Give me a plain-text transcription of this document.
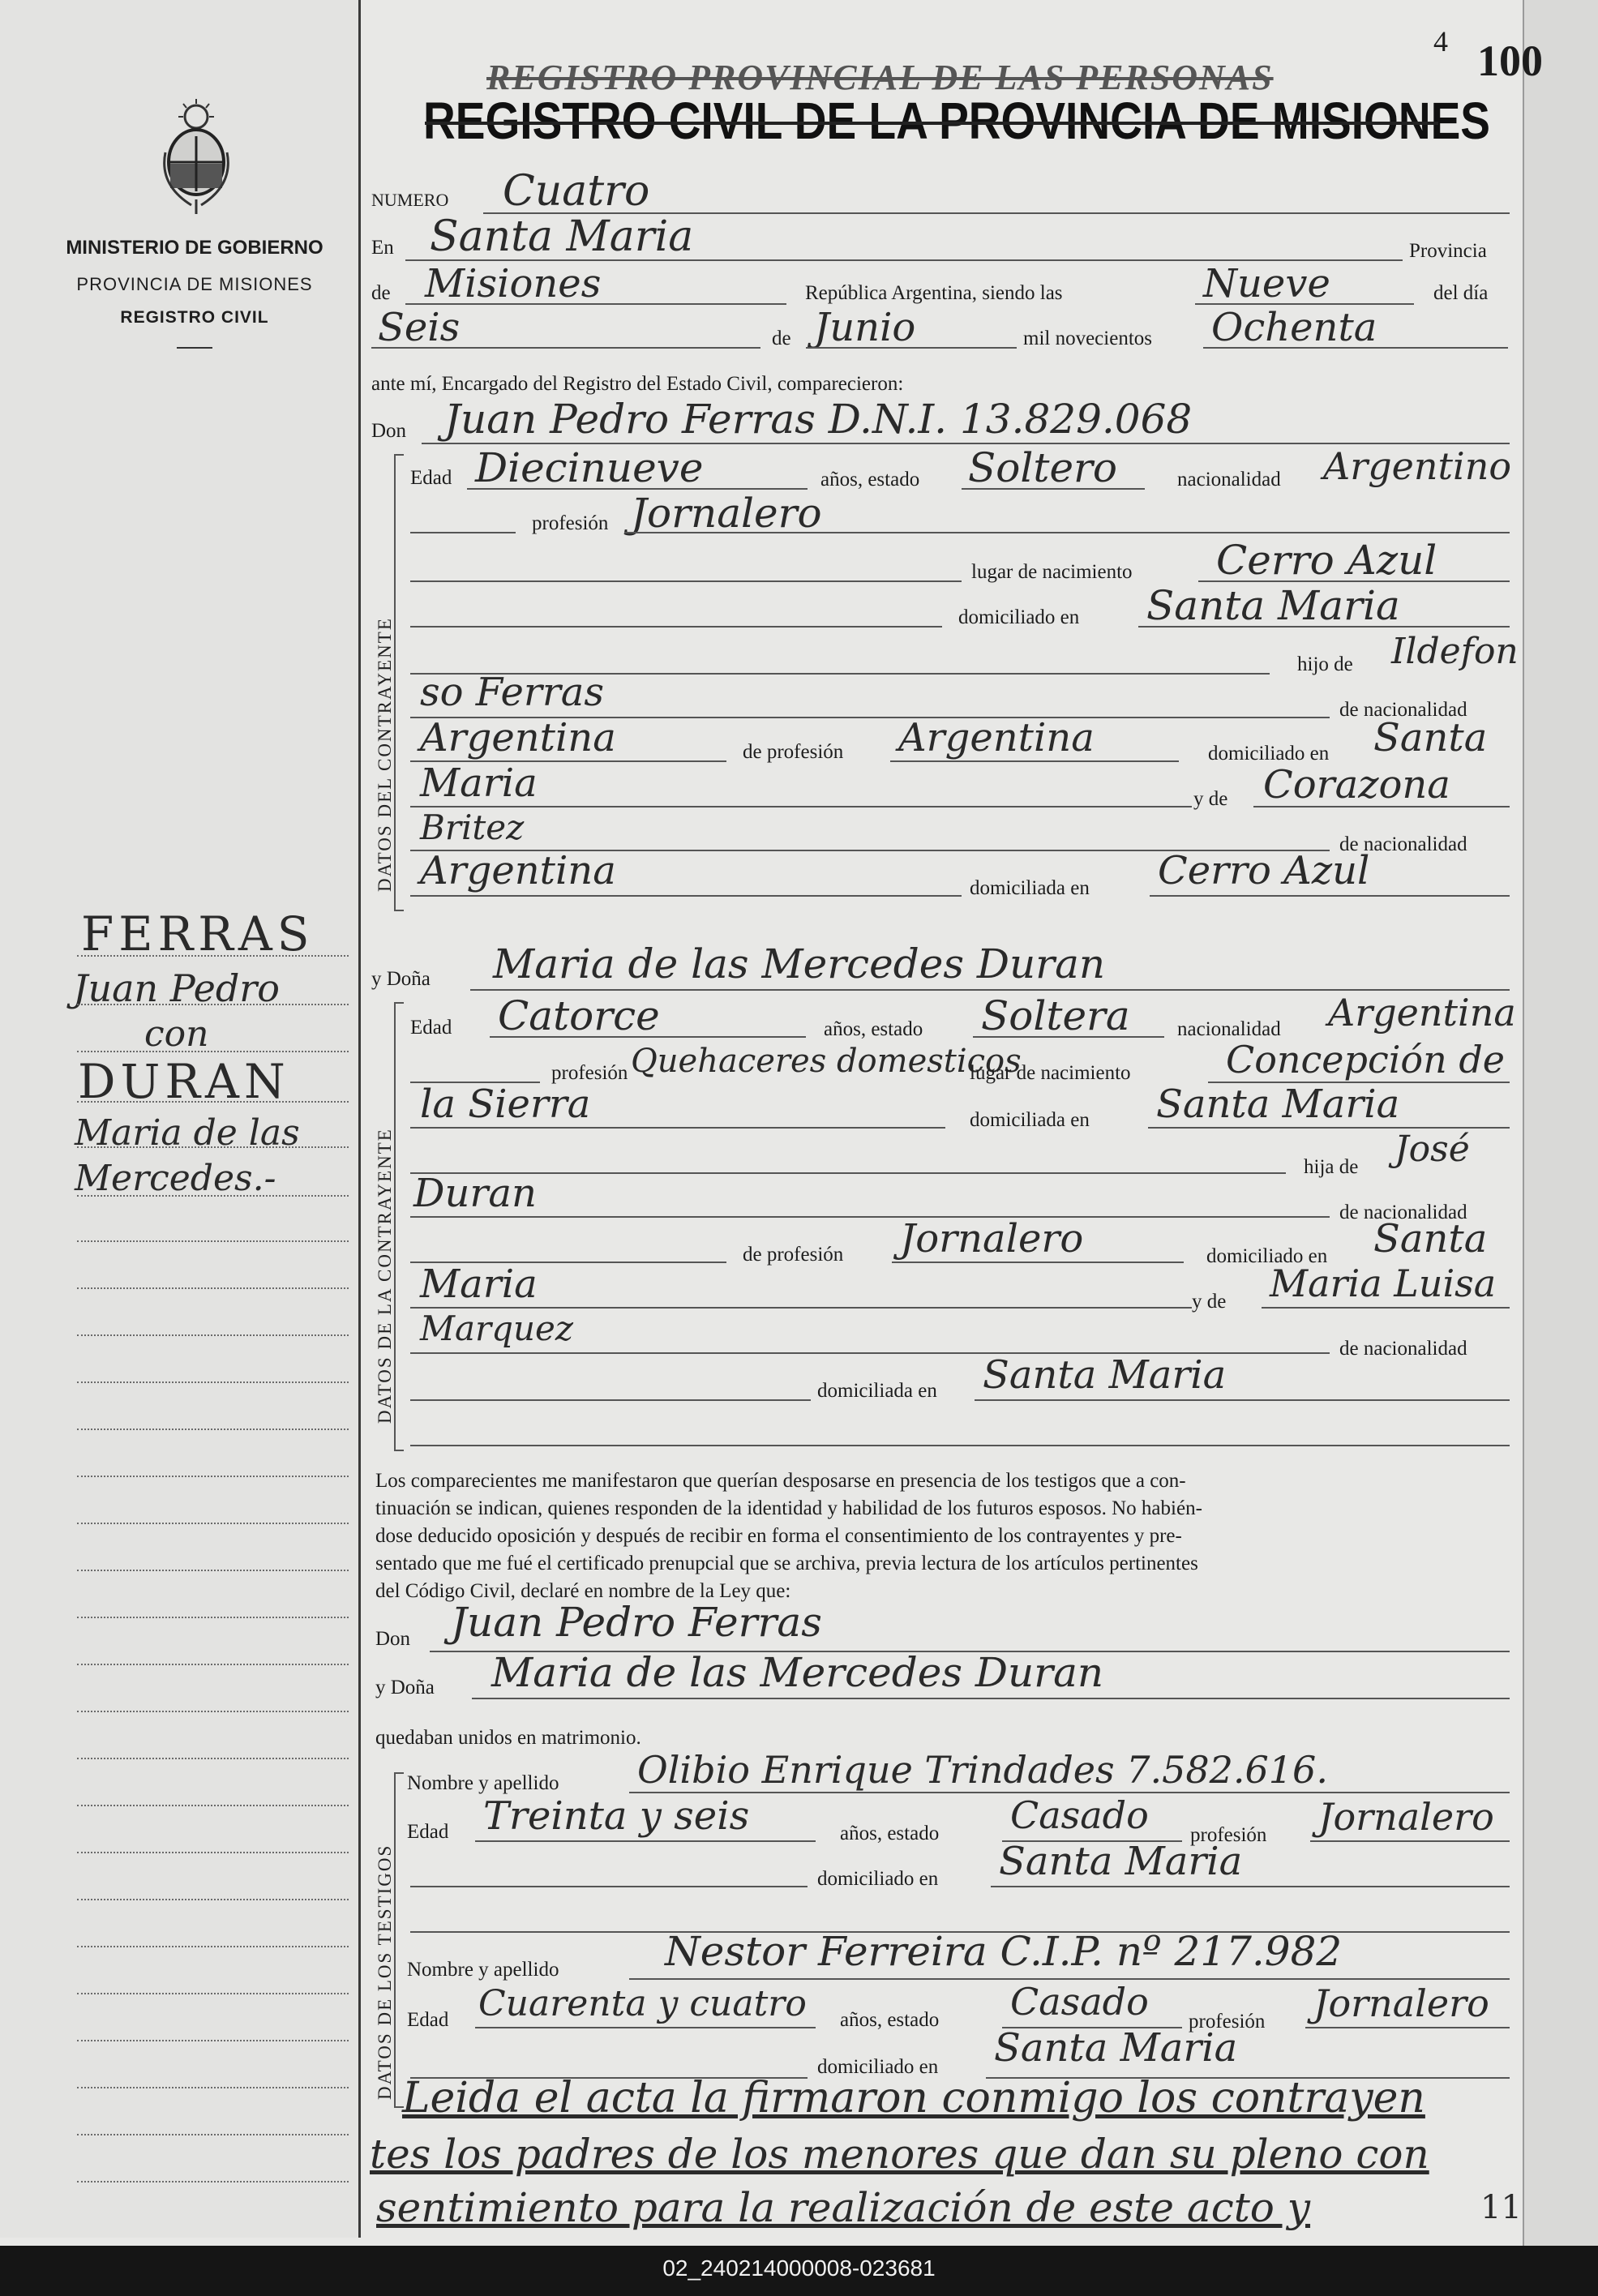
MINISTERIO DE GOBIERNO
PROVINCIA DE MISIONES
REGISTRO CIVIL
FERRAS
Juan Pedro
con
DURAN
Maria de las
Mercedes.-
REGISTRO PROVINCIAL DE LAS PERSONAS
REGISTRO CIVIL DE LA PROVINCIA DE MISIONES
4 100
NUMERO Cuatro
En Santa Maria	Provincia
de Misiones	República Argentina, siendo las	Nueve	del día
Seis	de Junio	mil novecientos Ochenta
ante mí, Encargado del Registro del Estado Civil, comparecieron:
Don Juan Pedro Ferras D.N.I. 13.829.068
DATOS DEL CONTRAYENTE
Edad Diecinueve	años, estado Soltero	nacionalidad Argentino
profesión Jornalero
lugar de nacimiento Cerro Azul
domiciliado en Santa Maria
hijo de Ildefon
so Ferras	de nacionalidad
Argentina	de profesión Argentina	domiciliado en Santa
Maria	y de Corazona
Britez	de nacionalidad
Argentina	domiciliada en Cerro Azul
y Doña Maria de las Mercedes Duran
DATOS DE LA CONTRAYENTE
Edad Catorce	años, estado Soltera nacionalidad Argentina
profesión Quehaceres domesticos
lugar de nacimiento	Concepción de
la Sierra	domiciliada en Santa Maria
hija de José
Duran	de nacionalidad
de profesión Jornalero	domiciliado en Santa
Maria	y de Maria Luisa
Marquez
de nacionalidad
domiciliada en Santa Maria
Los comparecientes me manifestaron que querían desposarse en presencia de los testigos que a con-
tinuación se indican, quienes responden de la identidad y habilidad de los futuros esposos. No habién-
dose deducido oposición y después de recibir en forma el consentimiento de los contrayentes y pre-
sentado que me fué el certificado prenupcial que se archiva, previa lectura de los artículos pertinentes
del Código Civil, declaré en nombre de la Ley que:
Don Juan Pedro Ferras
y Doña Maria de las Mercedes Duran
quedaban unidos en matrimonio.
DATOS DE LOS TESTIGOS
Nombre y apellido Olibio Enrique Trindades 7.582.616.
Edad Treinta y seis	años, estado Casado profesión Jornalero
domiciliado en Santa Maria
Nombre y apellido	Nestor Ferreira C.I.P. nº 217.982
Edad Cuarenta y cuatro años, estado Casado profesión Jornalero
domiciliado en Santa Maria
Leida el acta la firmaron conmigo los contrayen
tes los padres de los menores que dan su pleno con
sentimiento para la realización de este acto y	11
02_240214000008-023681
